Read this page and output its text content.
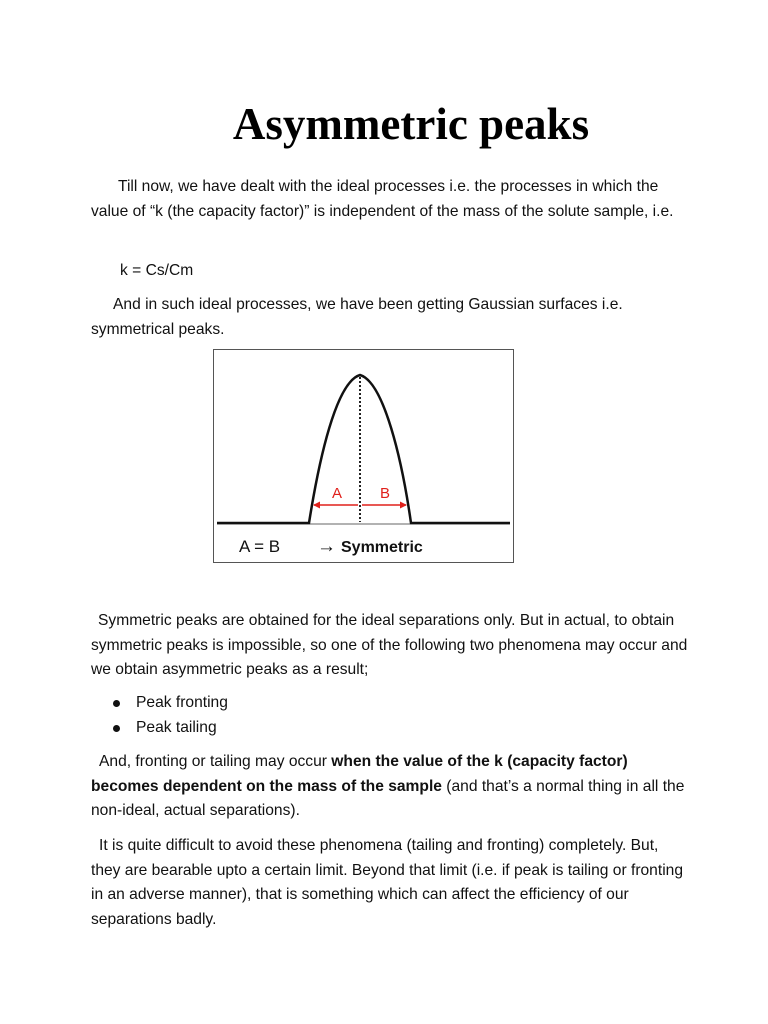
Asymmetric peaks

Till now, we have dealt with the ideal processes i.e. the processes in which the value of “k (the capacity factor)” is independent of the mass of the solute sample, i.e.

k = Cs/Cm

And in such ideal processes, we have been getting Gaussian surfaces i.e. symmetrical peaks.

A	B
A = B → Symmetric

Symmetric peaks are obtained for the ideal separations only. But in actual, to obtain symmetric peaks is impossible, so one of the following two phenomena may occur and we obtain asymmetric peaks as a result;

Peak fronting
Peak tailing

And, fronting or tailing may occur when the value of the k (capacity factor) becomes dependent on the mass of the sample (and that’s a normal thing in all the non-ideal, actual separations).

It is quite difficult to avoid these phenomena (tailing and fronting) completely. But, they are bearable upto a certain limit. Beyond that limit (i.e. if peak is tailing or fronting in an adverse manner), that is something which can affect the efficiency of our separations badly.
